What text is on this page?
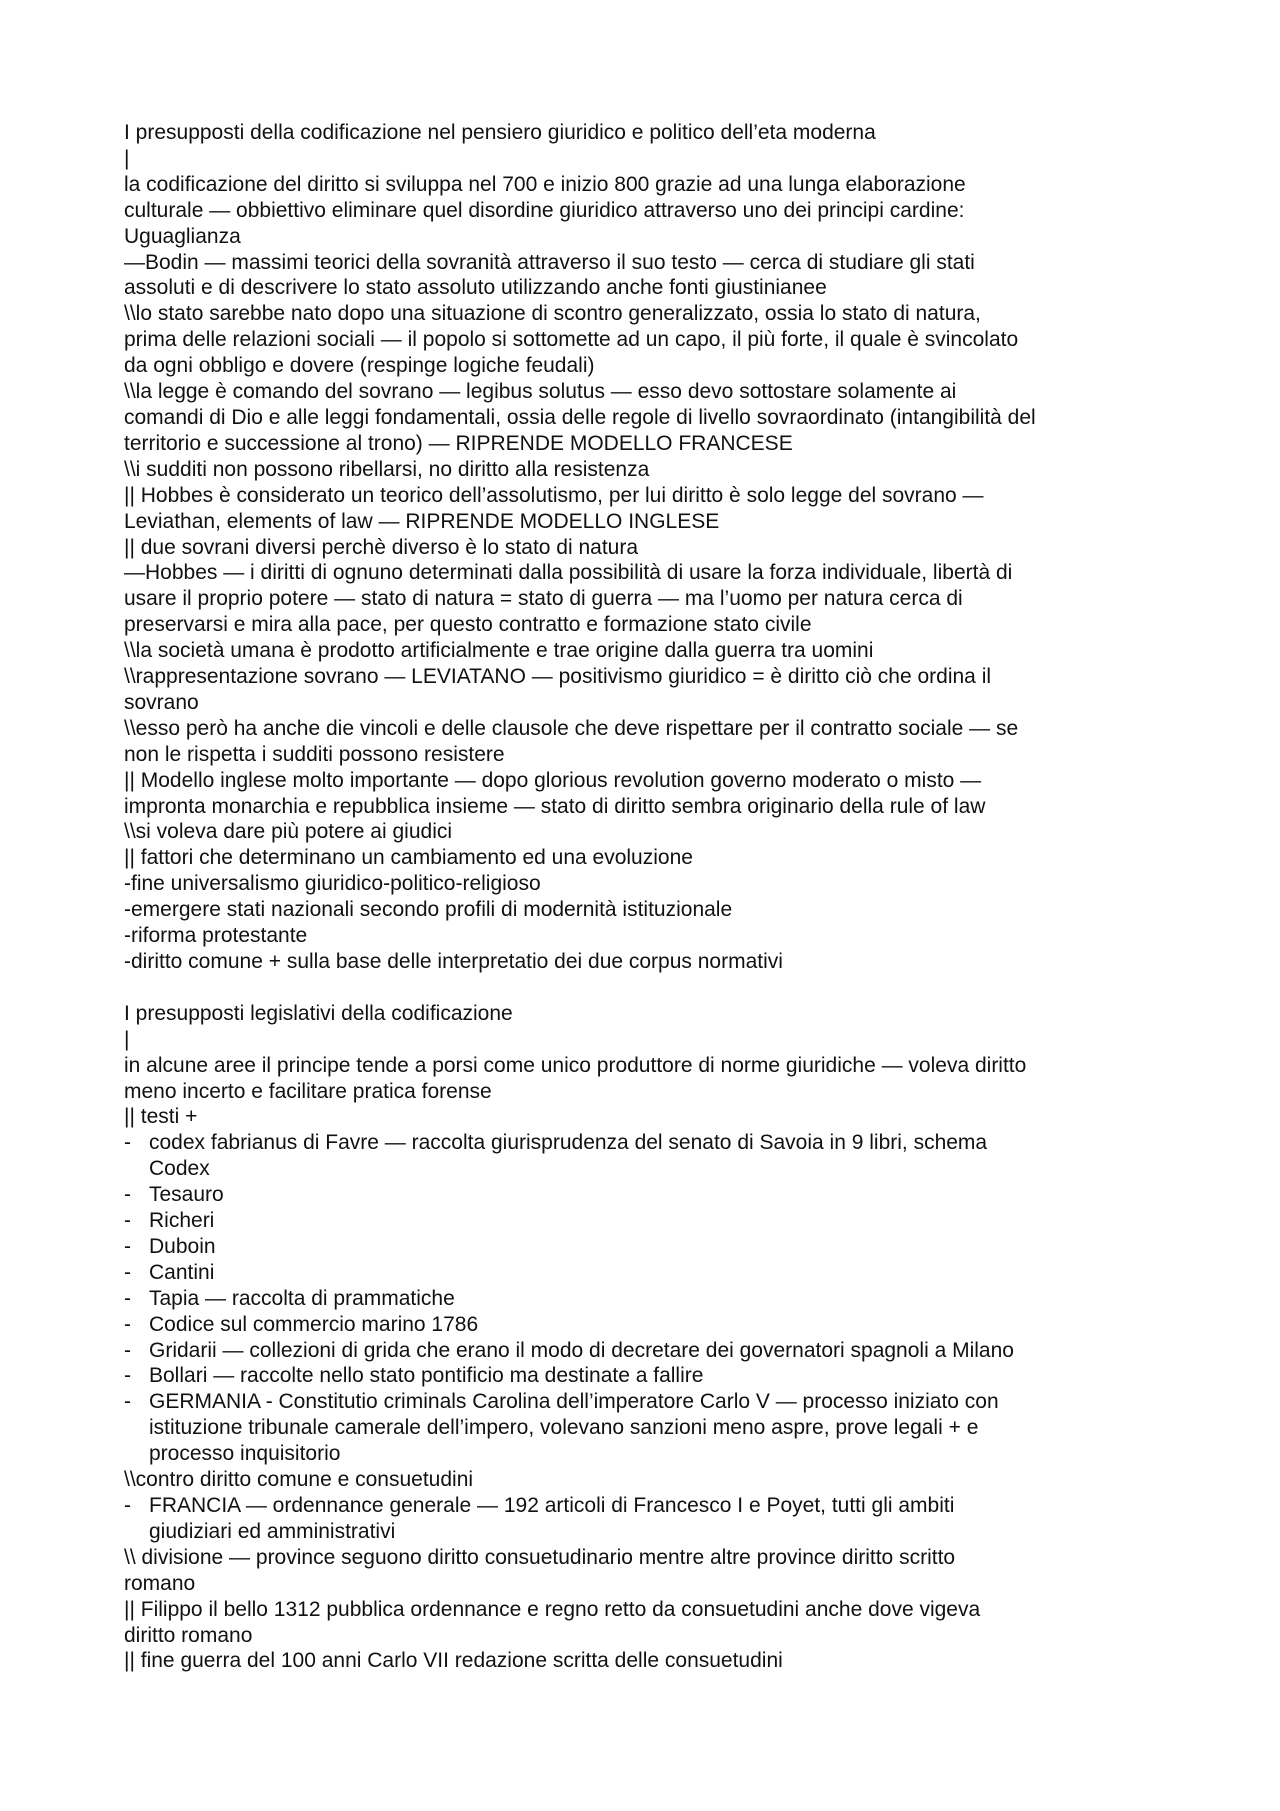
I presupposti della codificazione nel pensiero giuridico e politico dell’eta moderna
|
la codificazione del diritto si sviluppa nel 700 e inizio 800 grazie ad una lunga elaborazione
culturale — obbiettivo eliminare quel disordine giuridico attraverso uno dei principi cardine:
Uguaglianza
—Bodin — massimi teorici della sovranità attraverso il suo testo — cerca di studiare gli stati
assoluti e di descrivere lo stato assoluto utilizzando anche fonti giustinianee
\\lo stato sarebbe nato dopo una situazione di scontro generalizzato, ossia lo stato di natura,
prima delle relazioni sociali — il popolo si sottomette ad un capo, il più forte, il quale è svincolato
da ogni obbligo e dovere (respinge logiche feudali)
\\la legge è comando del sovrano — legibus solutus — esso devo sottostare solamente ai
comandi di Dio e alle leggi fondamentali, ossia delle regole di livello sovraordinato (intangibilità del
territorio e successione al trono) — RIPRENDE MODELLO FRANCESE
\\i sudditi non possono ribellarsi, no diritto alla resistenza
|| Hobbes è considerato un teorico dell’assolutismo, per lui diritto è solo legge del sovrano —
Leviathan, elements of law — RIPRENDE MODELLO INGLESE
|| due sovrani diversi perchè diverso è lo stato di natura
—Hobbes — i diritti di ognuno determinati dalla possibilità di usare la forza individuale, libertà di
usare il proprio potere — stato di natura = stato di guerra — ma l’uomo per natura cerca di
preservarsi e mira alla pace, per questo contratto e formazione stato civile
\\la società umana è prodotto artificialmente e trae origine dalla guerra tra uomini
\\rappresentazione sovrano — LEVIATANO — positivismo giuridico = è diritto ciò che ordina il
sovrano
\\esso però ha anche die vincoli e delle clausole che deve rispettare per il contratto sociale — se
non le rispetta i sudditi possono resistere
|| Modello inglese molto importante — dopo glorious revolution governo moderato o misto —
impronta monarchia e repubblica insieme — stato di diritto sembra originario della rule of law
\\si voleva dare più potere ai giudici
|| fattori che determinano un cambiamento ed una evoluzione
-fine universalismo giuridico-politico-religioso
-emergere stati nazionali secondo profili di modernità istituzionale
-riforma protestante
-diritto comune + sulla base delle interpretatio dei due corpus normativi
I presupposti legislativi della codificazione
|
in alcune aree il principe tende a porsi come unico produttore di norme giuridiche — voleva diritto
meno incerto e facilitare pratica forense
|| testi +
- codex fabrianus di Favre — raccolta giurisprudenza del senato di Savoia in 9 libri, schema
Codex
- Tesauro
- Richeri
- Duboin
- Cantini
- Tapia — raccolta di prammatiche
- Codice sul commercio marino 1786
- Gridarii — collezioni di grida che erano il modo di decretare dei governatori spagnoli a Milano
- Bollari — raccolte nello stato pontificio ma destinate a fallire
- GERMANIA - Constitutio criminals Carolina dell’imperatore Carlo V — processo iniziato con
istituzione tribunale camerale dell’impero, volevano sanzioni meno aspre, prove legali + e
processo inquisitorio
\\contro diritto comune e consuetudini
- FRANCIA — ordennance generale — 192 articoli di Francesco I e Poyet, tutti gli ambiti
giudiziari ed amministrativi
\\ divisione — province seguono diritto consuetudinario mentre altre province diritto scritto
romano
|| Filippo il bello 1312 pubblica ordennance e regno retto da consuetudini anche dove vigeva
diritto romano
|| fine guerra del 100 anni Carlo VII redazione scritta delle consuetudini
